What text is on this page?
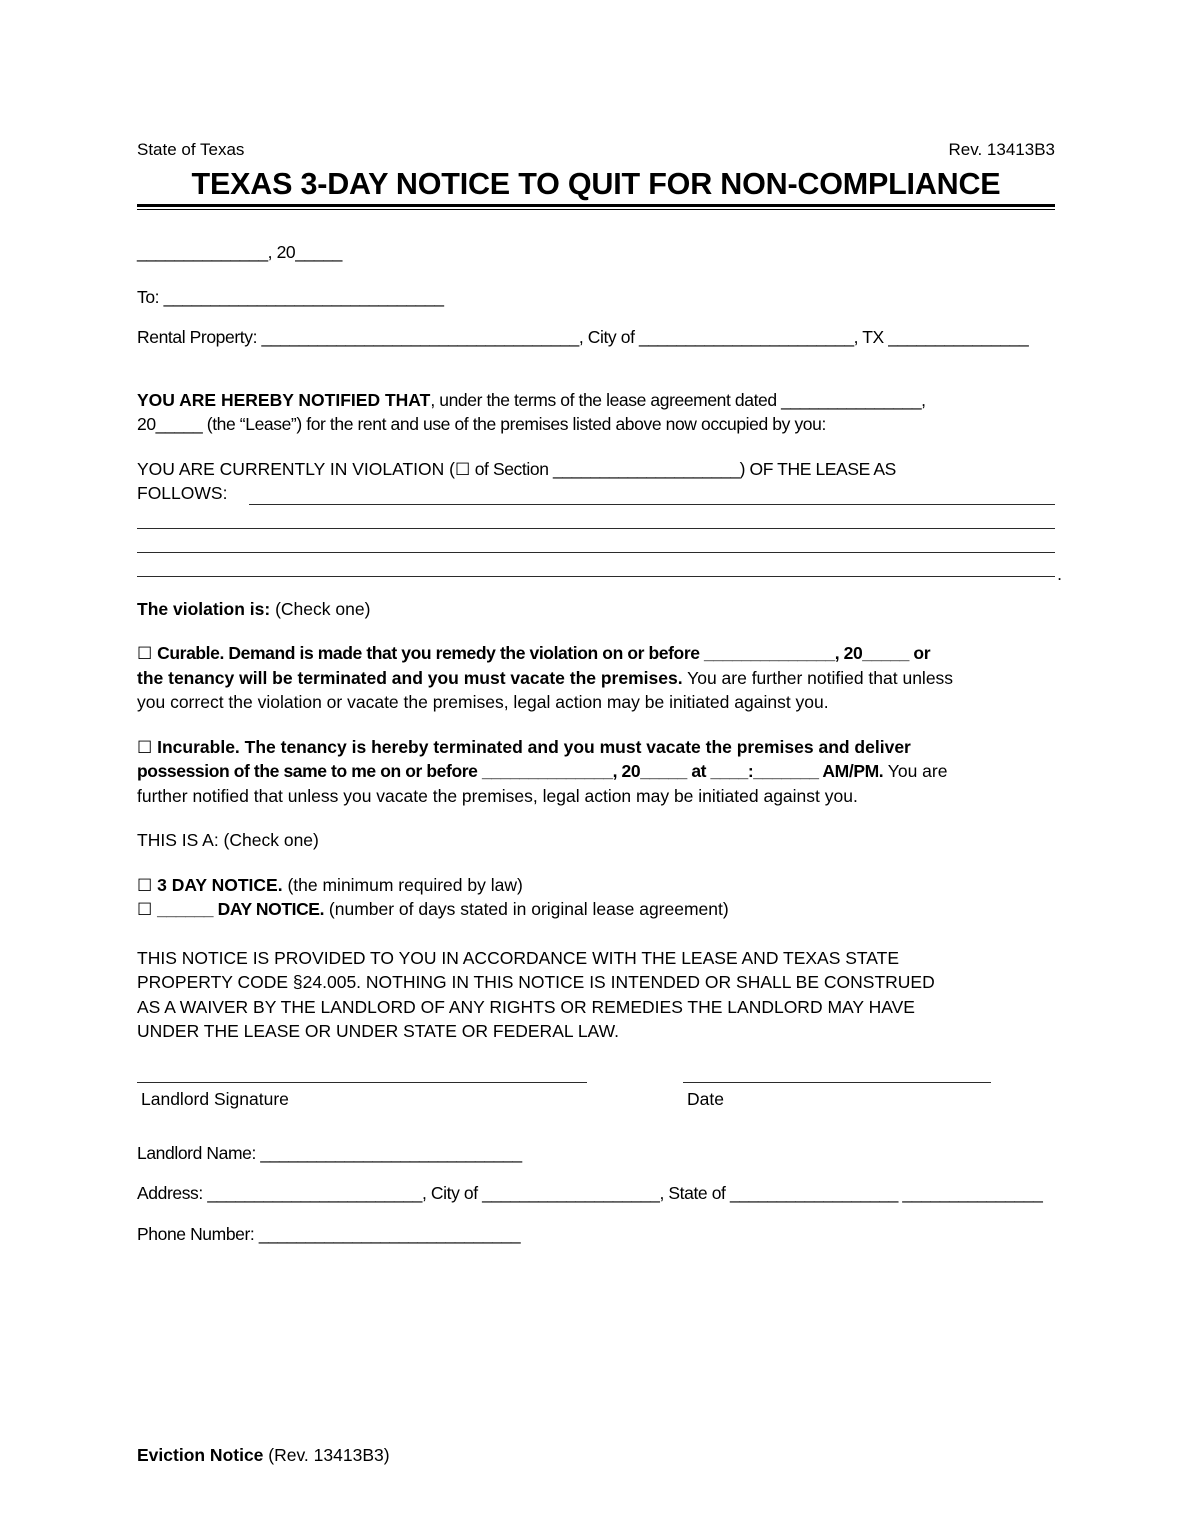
State of Texas	Rev. 13413B3
TEXAS 3-DAY NOTICE TO QUIT FOR NON-COMPLIANCE
______________, 20_____
To: ______________________________
Rental Property: __________________________________, City of _______________________, TX _______________
YOU ARE HEREBY NOTIFIED THAT, under the terms of the lease agreement dated _______________,
20_____ (the “Lease”) for the rent and use of the premises listed above now occupied by you:
YOU ARE CURRENTLY IN VIOLATION (☐ of Section ____________________) OF THE LEASE AS
FOLLOWS:
.
The violation is: (Check one)
☐ Curable. Demand is made that you remedy the violation on or before ______________, 20_____ or
the tenancy will be terminated and you must vacate the premises. You are further notified that unless
you correct the violation or vacate the premises, legal action may be initiated against you.
☐ Incurable. The tenancy is hereby terminated and you must vacate the premises and deliver
possession of the same to me on or before ______________, 20_____ at ____:_______ AM/PM. You are
further notified that unless you vacate the premises, legal action may be initiated against you.
THIS IS A: (Check one)
☐ 3 DAY NOTICE. (the minimum required by law)
☐ ______ DAY NOTICE. (number of days stated in original lease agreement)
THIS NOTICE IS PROVIDED TO YOU IN ACCORDANCE WITH THE LEASE AND TEXAS STATE
PROPERTY CODE §24.005. NOTHING IN THIS NOTICE IS INTENDED OR SHALL BE CONSTRUED
AS A WAIVER BY THE LANDLORD OF ANY RIGHTS OR REMEDIES THE LANDLORD MAY HAVE
UNDER THE LEASE OR UNDER STATE OR FEDERAL LAW.
Landlord Signature	Date
Landlord Name: ____________________________
Address: _______________________, City of ___________________, State of __________________ _______________
Phone Number: ____________________________
Eviction Notice (Rev. 13413B3)
